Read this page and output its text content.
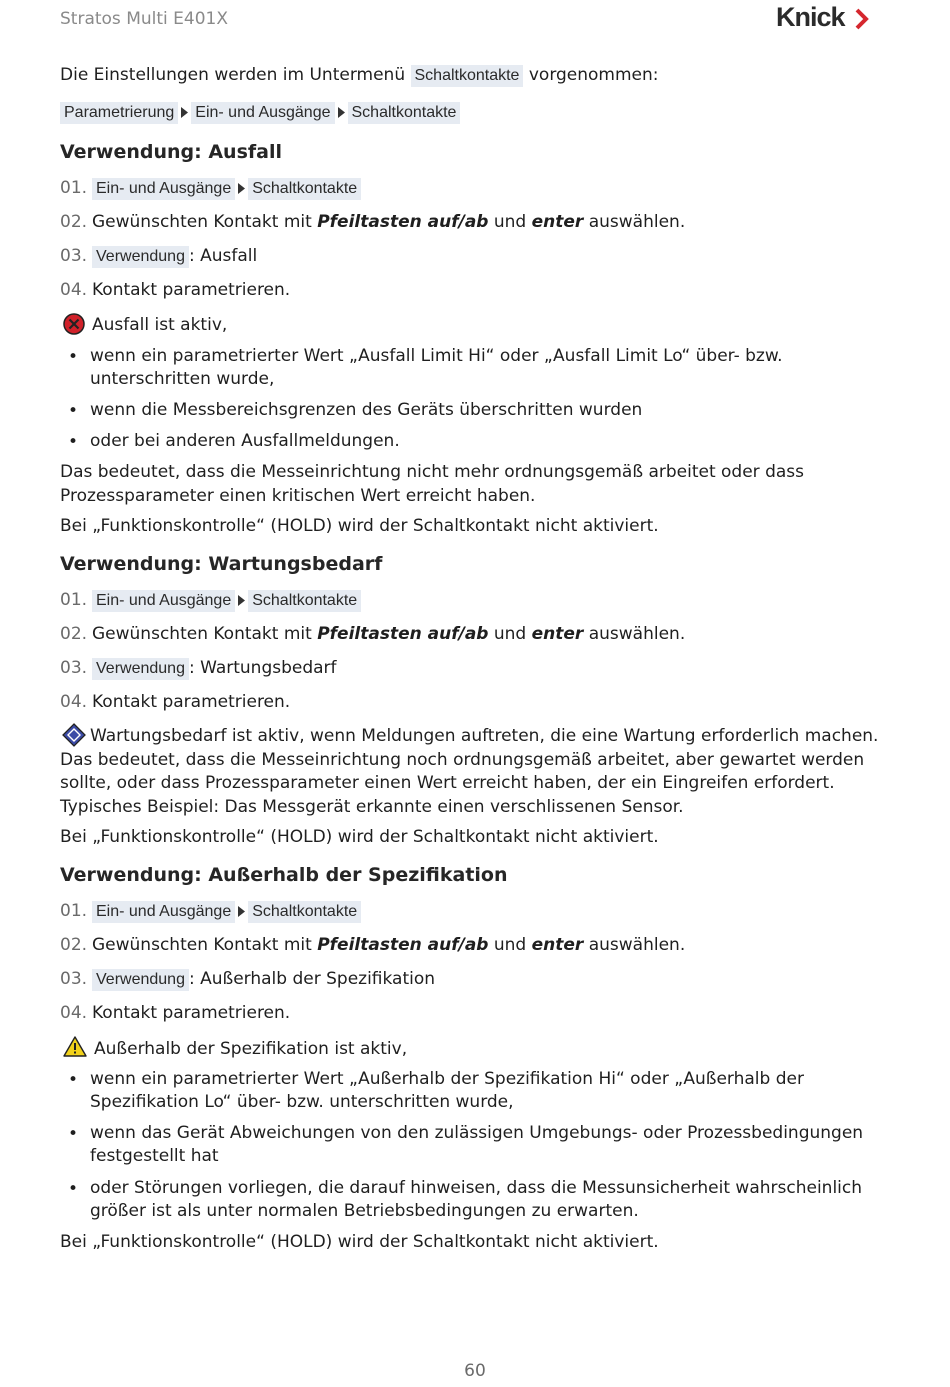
Stratos Multi E401X	Knick
Die Einstellungen werden im Untermenü Schaltkontakte vorgenommen:
Parametrierung Ein- und Ausgänge Schaltkontakte
Verwendung: Ausfall
01. Ein- und Ausgänge Schaltkontakte
02. Gewünschten Kontakt mit Pfeiltasten auf/ab und enter auswählen.
03. Verwendung : Ausfall
04. Kontakt parametrieren.
Ausfall ist aktiv,
• wenn ein parametrierter Wert „Ausfall Limit Hi“ oder „Ausfall Limit Lo“ über- bzw. unterschritten wurde,
• wenn die Messbereichsgrenzen des Geräts überschritten wurden
• oder bei anderen Ausfallmeldungen.
Das bedeutet, dass die Messeinrichtung nicht mehr ordnungsgemäß arbeitet oder dass Prozessparameter einen kritischen Wert erreicht haben.
Bei „Funktionskontrolle“ (HOLD) wird der Schaltkontakt nicht aktiviert.
Verwendung: Wartungsbedarf
01. Ein- und Ausgänge Schaltkontakte
02. Gewünschten Kontakt mit Pfeiltasten auf/ab und enter auswählen.
03. Verwendung : Wartungsbedarf
04. Kontakt parametrieren.
Wartungsbedarf ist aktiv, wenn Meldungen auftreten, die eine Wartung erforderlich machen. Das bedeutet, dass die Messeinrichtung noch ordnungsgemäß arbeitet, aber gewartet werden sollte, oder dass Prozessparameter einen Wert erreicht haben, der ein Eingreifen erfordert. Typisches Beispiel: Das Messgerät erkannte einen verschlissenen Sensor.
Bei „Funktionskontrolle“ (HOLD) wird der Schaltkontakt nicht aktiviert.
Verwendung: Außerhalb der Spezifikation
01. Ein- und Ausgänge Schaltkontakte
02. Gewünschten Kontakt mit Pfeiltasten auf/ab und enter auswählen.
03. Verwendung : Außerhalb der Spezifikation
04. Kontakt parametrieren.
Außerhalb der Spezifikation ist aktiv,
• wenn ein parametrierter Wert „Außerhalb der Spezifikation Hi“ oder „Außerhalb der Spezifikation Lo“ über- bzw. unterschritten wurde,
• wenn das Gerät Abweichungen von den zulässigen Umgebungs- oder Prozessbedingungen festgestellt hat
• oder Störungen vorliegen, die darauf hinweisen, dass die Messunsicherheit wahrscheinlich größer ist als unter normalen Betriebsbedingungen zu erwarten.
Bei „Funktionskontrolle“ (HOLD) wird der Schaltkontakt nicht aktiviert.
60
